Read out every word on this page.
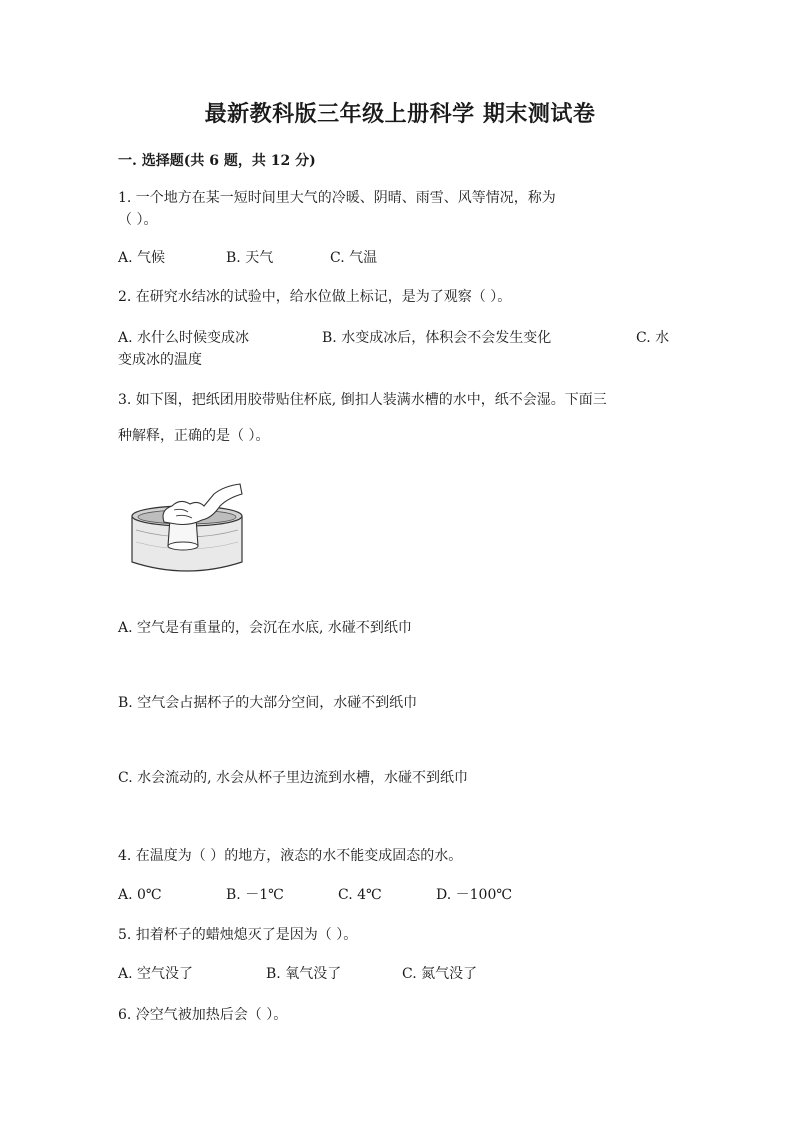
最新教科版三年级上册科学 期末测试卷
一. 选择题(共 6 题，共 12 分)
1. 一个地方在某一短时间里大气的冷暖、阴晴、雨雪、风等情况，称为
（ ）。
A. 气候	B. 天气	C. 气温
2. 在研究水结冰的试验中，给水位做上标记，是为了观察（ ）。
A. 水什么时候变成冰	B. 水变成冰后，体积会不会发生变化	C. 水
变成冰的温度
3. 如下图，把纸团用胶带贴住杯底, 倒扣人装满水槽的水中，纸不会湿。下面三
种解释，正确的是（ ）。
A. 空气是有重量的，会沉在水底, 水碰不到纸巾
B. 空气会占据杯子的大部分空间，水碰不到纸巾
C. 水会流动的, 水会从杯子里边流到水槽，水碰不到纸巾
4. 在温度为（ ）的地方，液态的水不能变成固态的水。
A. 0℃	B. －1℃	C. 4℃	D. －100℃
5. 扣着杯子的蜡烛熄灭了是因为（ ）。
A. 空气没了	B. 氧气没了	C. 氮气没了
6. 冷空气被加热后会（ ）。
